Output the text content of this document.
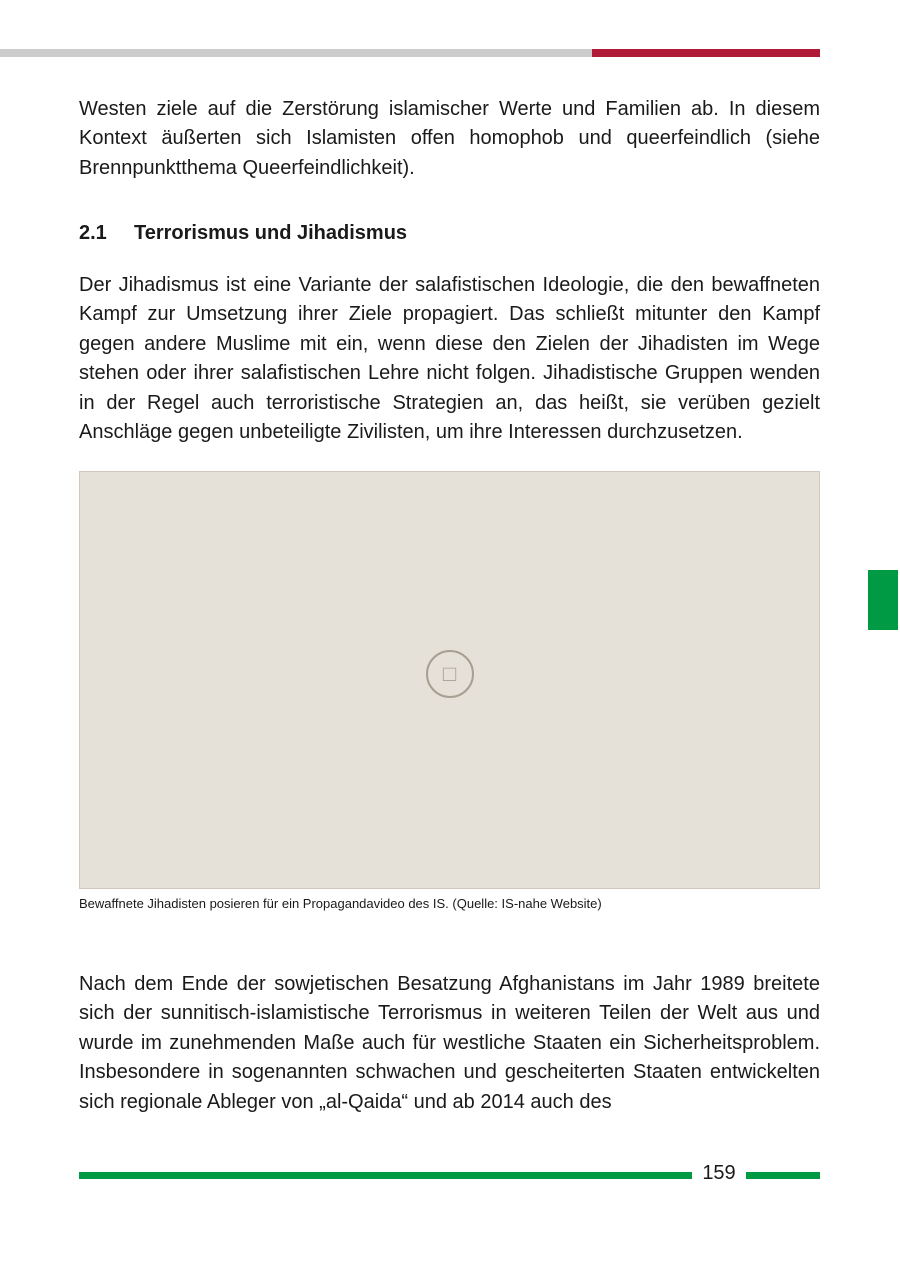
Westen ziele auf die Zerstörung islamischer Werte und Familien ab. In diesem Kontext äußerten sich Islamisten offen homophob und queerfeindlich (siehe Brennpunktthema Queerfeindlichkeit).

2.1 Terrorismus und Jihadismus

Der Jihadismus ist eine Variante der salafistischen Ideologie, die den bewaffneten Kampf zur Umsetzung ihrer Ziele propagiert. Das schließt mitunter den Kampf gegen andere Muslime mit ein, wenn diese den Zielen der Jihadisten im Wege stehen oder ihrer salafistischen Lehre nicht folgen. Jihadistische Gruppen wenden in der Regel auch terroristische Strategien an, das heißt, sie verüben gezielt Anschläge gegen unbeteiligte Zivilisten, um ihre Interessen durchzusetzen.

□
Bewaffnete Jihadisten posieren für ein Propagandavideo des IS. (Quelle: IS-nahe Website)

Nach dem Ende der sowjetischen Besatzung Afghanistans im Jahr 1989 breitete sich der sunnitisch-islamistische Terrorismus in weiteren Teilen der Welt aus und wurde im zunehmenden Maße auch für westliche Staaten ein Sicherheitsproblem. Insbesondere in sogenannten schwachen und gescheiterten Staaten entwickelten sich regionale Ableger von „al-Qaida“ und ab 2014 auch des

159
